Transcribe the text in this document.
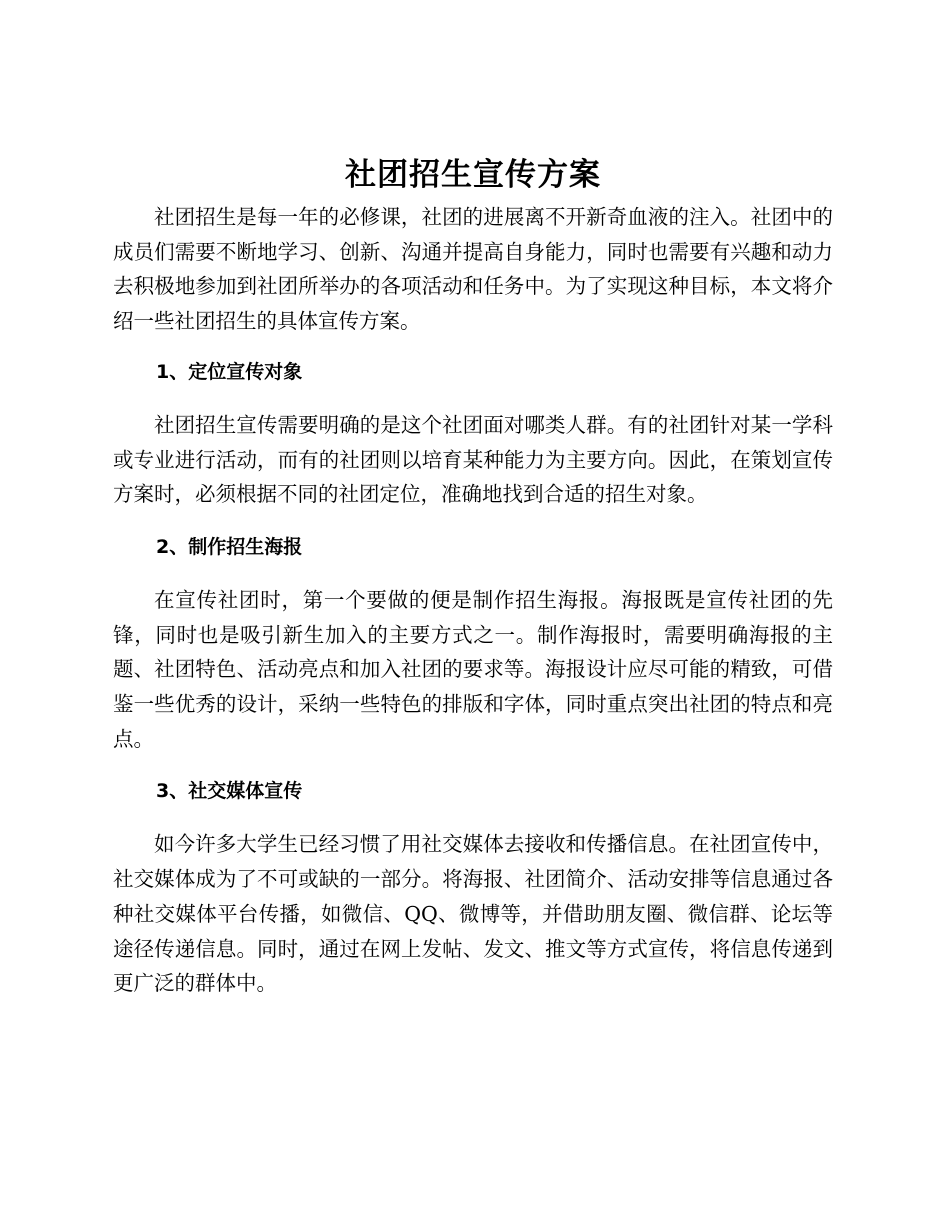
社团招生宣传方案

社团招生是每一年的必修课，社团的进展离不开新奇血液的注入。社团中的成员们需要不断地学习、创新、沟通并提高自身能力，同时也需要有兴趣和动力去积极地参加到社团所举办的各项活动和任务中。为了实现这种目标，本文将介绍一些社团招生的具体宣传方案。

1、定位宣传对象

社团招生宣传需要明确的是这个社团面对哪类人群。有的社团针对某一学科或专业进行活动，而有的社团则以培育某种能力为主要方向。因此，在策划宣传方案时，必须根据不同的社团定位，准确地找到合适的招生对象。

2、制作招生海报

在宣传社团时，第一个要做的便是制作招生海报。海报既是宣传社团的先锋，同时也是吸引新生加入的主要方式之一。制作海报时，需要明确海报的主题、社团特色、活动亮点和加入社团的要求等。海报设计应尽可能的精致，可借鉴一些优秀的设计，采纳一些特色的排版和字体，同时重点突出社团的特点和亮点。

3、社交媒体宣传

如今许多大学生已经习惯了用社交媒体去接收和传播信息。在社团宣传中，社交媒体成为了不可或缺的一部分。将海报、社团简介、活动安排等信息通过各种社交媒体平台传播，如微信、QQ、微博等，并借助朋友圈、微信群、论坛等途径传递信息。同时，通过在网上发帖、发文、推文等方式宣传，将信息传递到更广泛的群体中。
